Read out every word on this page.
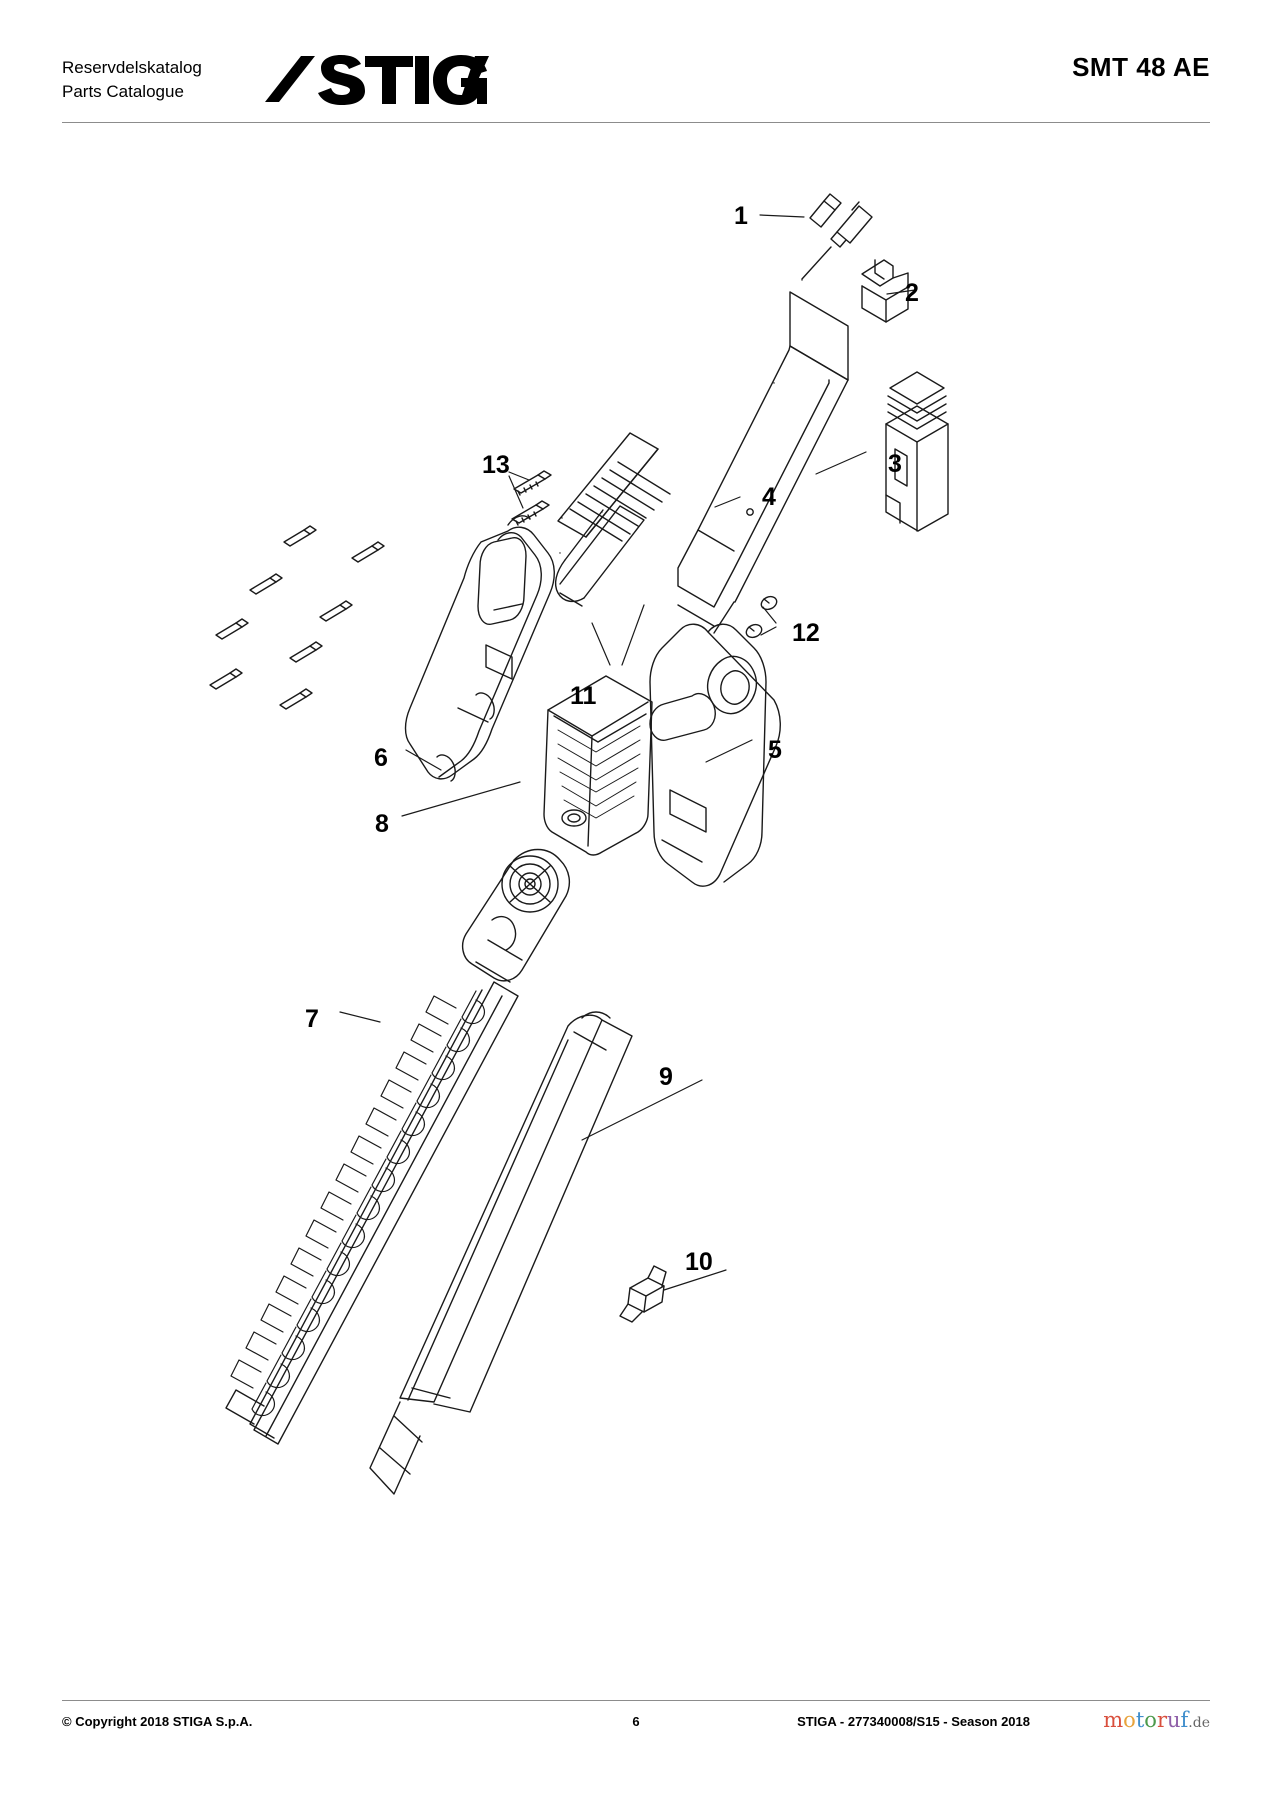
Reservdelskatalog
Parts Catalogue
SMT 48 AE
1
2
3
4
5
6
7
8
9
10
11
12
13
© Copyright 2018 STIGA S.p.A.	6	STIGA - 277340008/S15 - Season 2018	motoruf.de
